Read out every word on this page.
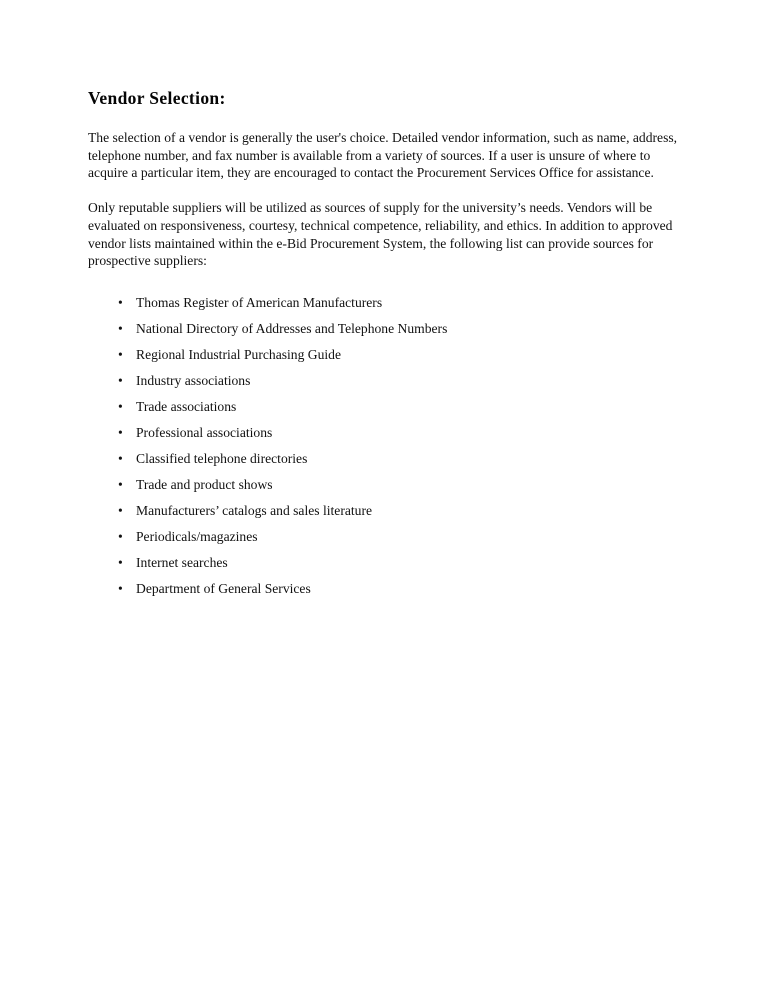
Vendor Selection:

The selection of a vendor is generally the user's choice. Detailed vendor information, such as name, address, telephone number, and fax number is available from a variety of sources. If a user is unsure of where to acquire a particular item, they are encouraged to contact the Procurement Services Office for assistance.

Only reputable suppliers will be utilized as sources of supply for the university’s needs. Vendors will be evaluated on responsiveness, courtesy, technical competence, reliability, and ethics. In addition to approved vendor lists maintained within the e-Bid Procurement System, the following list can provide sources for prospective suppliers:

• Thomas Register of American Manufacturers
• National Directory of Addresses and Telephone Numbers
• Regional Industrial Purchasing Guide
• Industry associations
• Trade associations
• Professional associations
• Classified telephone directories
• Trade and product shows
• Manufacturers’ catalogs and sales literature
• Periodicals/magazines
• Internet searches
• Department of General Services
